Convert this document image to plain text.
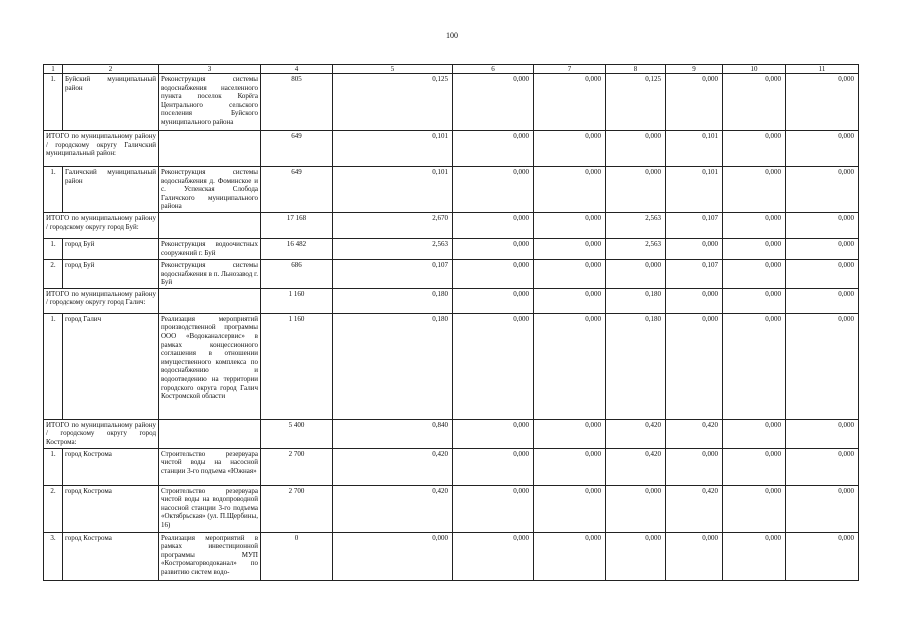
100
1	2	3	4	5	6	7	8	9	10	11
1.	Буйский муниципальный район	Реконструкция системы водоснабжения населенного пункта поселок Корёга Центрального сельского поселения Буйского муниципального района	805	0,125	0,000	0,000	0,125	0,000	0,000	0,000
ИТОГО по муниципальному району / городскому округу Галичский муниципальный район:			649	0,101	0,000	0,000	0,000	0,101	0,000	0,000
1.	Галичский муниципальный район	Реконструкция системы водоснабжения д. Фоминское и с. Успенская Слобода Галичского муниципального района	649	0,101	0,000	0,000	0,000	0,101	0,000	0,000
ИТОГО по муниципальному району / городскому округу город Буй:			17 168	2,670	0,000	0,000	2,563	0,107	0,000	0,000
1.	город Буй	Реконструкция водоочистных сооружений г. Буй	16 482	2,563	0,000	0,000	2,563	0,000	0,000	0,000
2.	город Буй	Реконструкция системы водоснабжения в п. Льнозавод г. Буй	686	0,107	0,000	0,000	0,000	0,107	0,000	0,000
ИТОГО по муниципальному району / городскому округу город Галич:			1 160	0,180	0,000	0,000	0,180	0,000	0,000	0,000
1.	город Галич	Реализация мероприятий производственной программы ООО «Водоканалсервис» в рамках концессионного соглашения в отношении имущественного комплекса по водоснабжению и водоотведению на территории городского округа город Галич Костромской области	1 160	0,180	0,000	0,000	0,180	0,000	0,000	0,000
ИТОГО по муниципальному району / городскому округу город Кострома:			5 400	0,840	0,000	0,000	0,420	0,420	0,000	0,000
1.	город Кострома	Строительство резервуара чистой воды на насосной станции 3-го подъема «Южная»	2 700	0,420	0,000	0,000	0,420	0,000	0,000	0,000
2.	город Кострома	Строительство резервуара чистой воды на водопроводной насосной станции 3-го подъема «Октябрьская» (ул. П.Щербины, 16)	2 700	0,420	0,000	0,000	0,000	0,420	0,000	0,000
3.	город Кострома	Реализация мероприятий в рамках инвестиционной программы МУП «Костромагорводоканал» по развитию систем водо-	0	0,000	0,000	0,000	0,000	0,000	0,000	0,000
